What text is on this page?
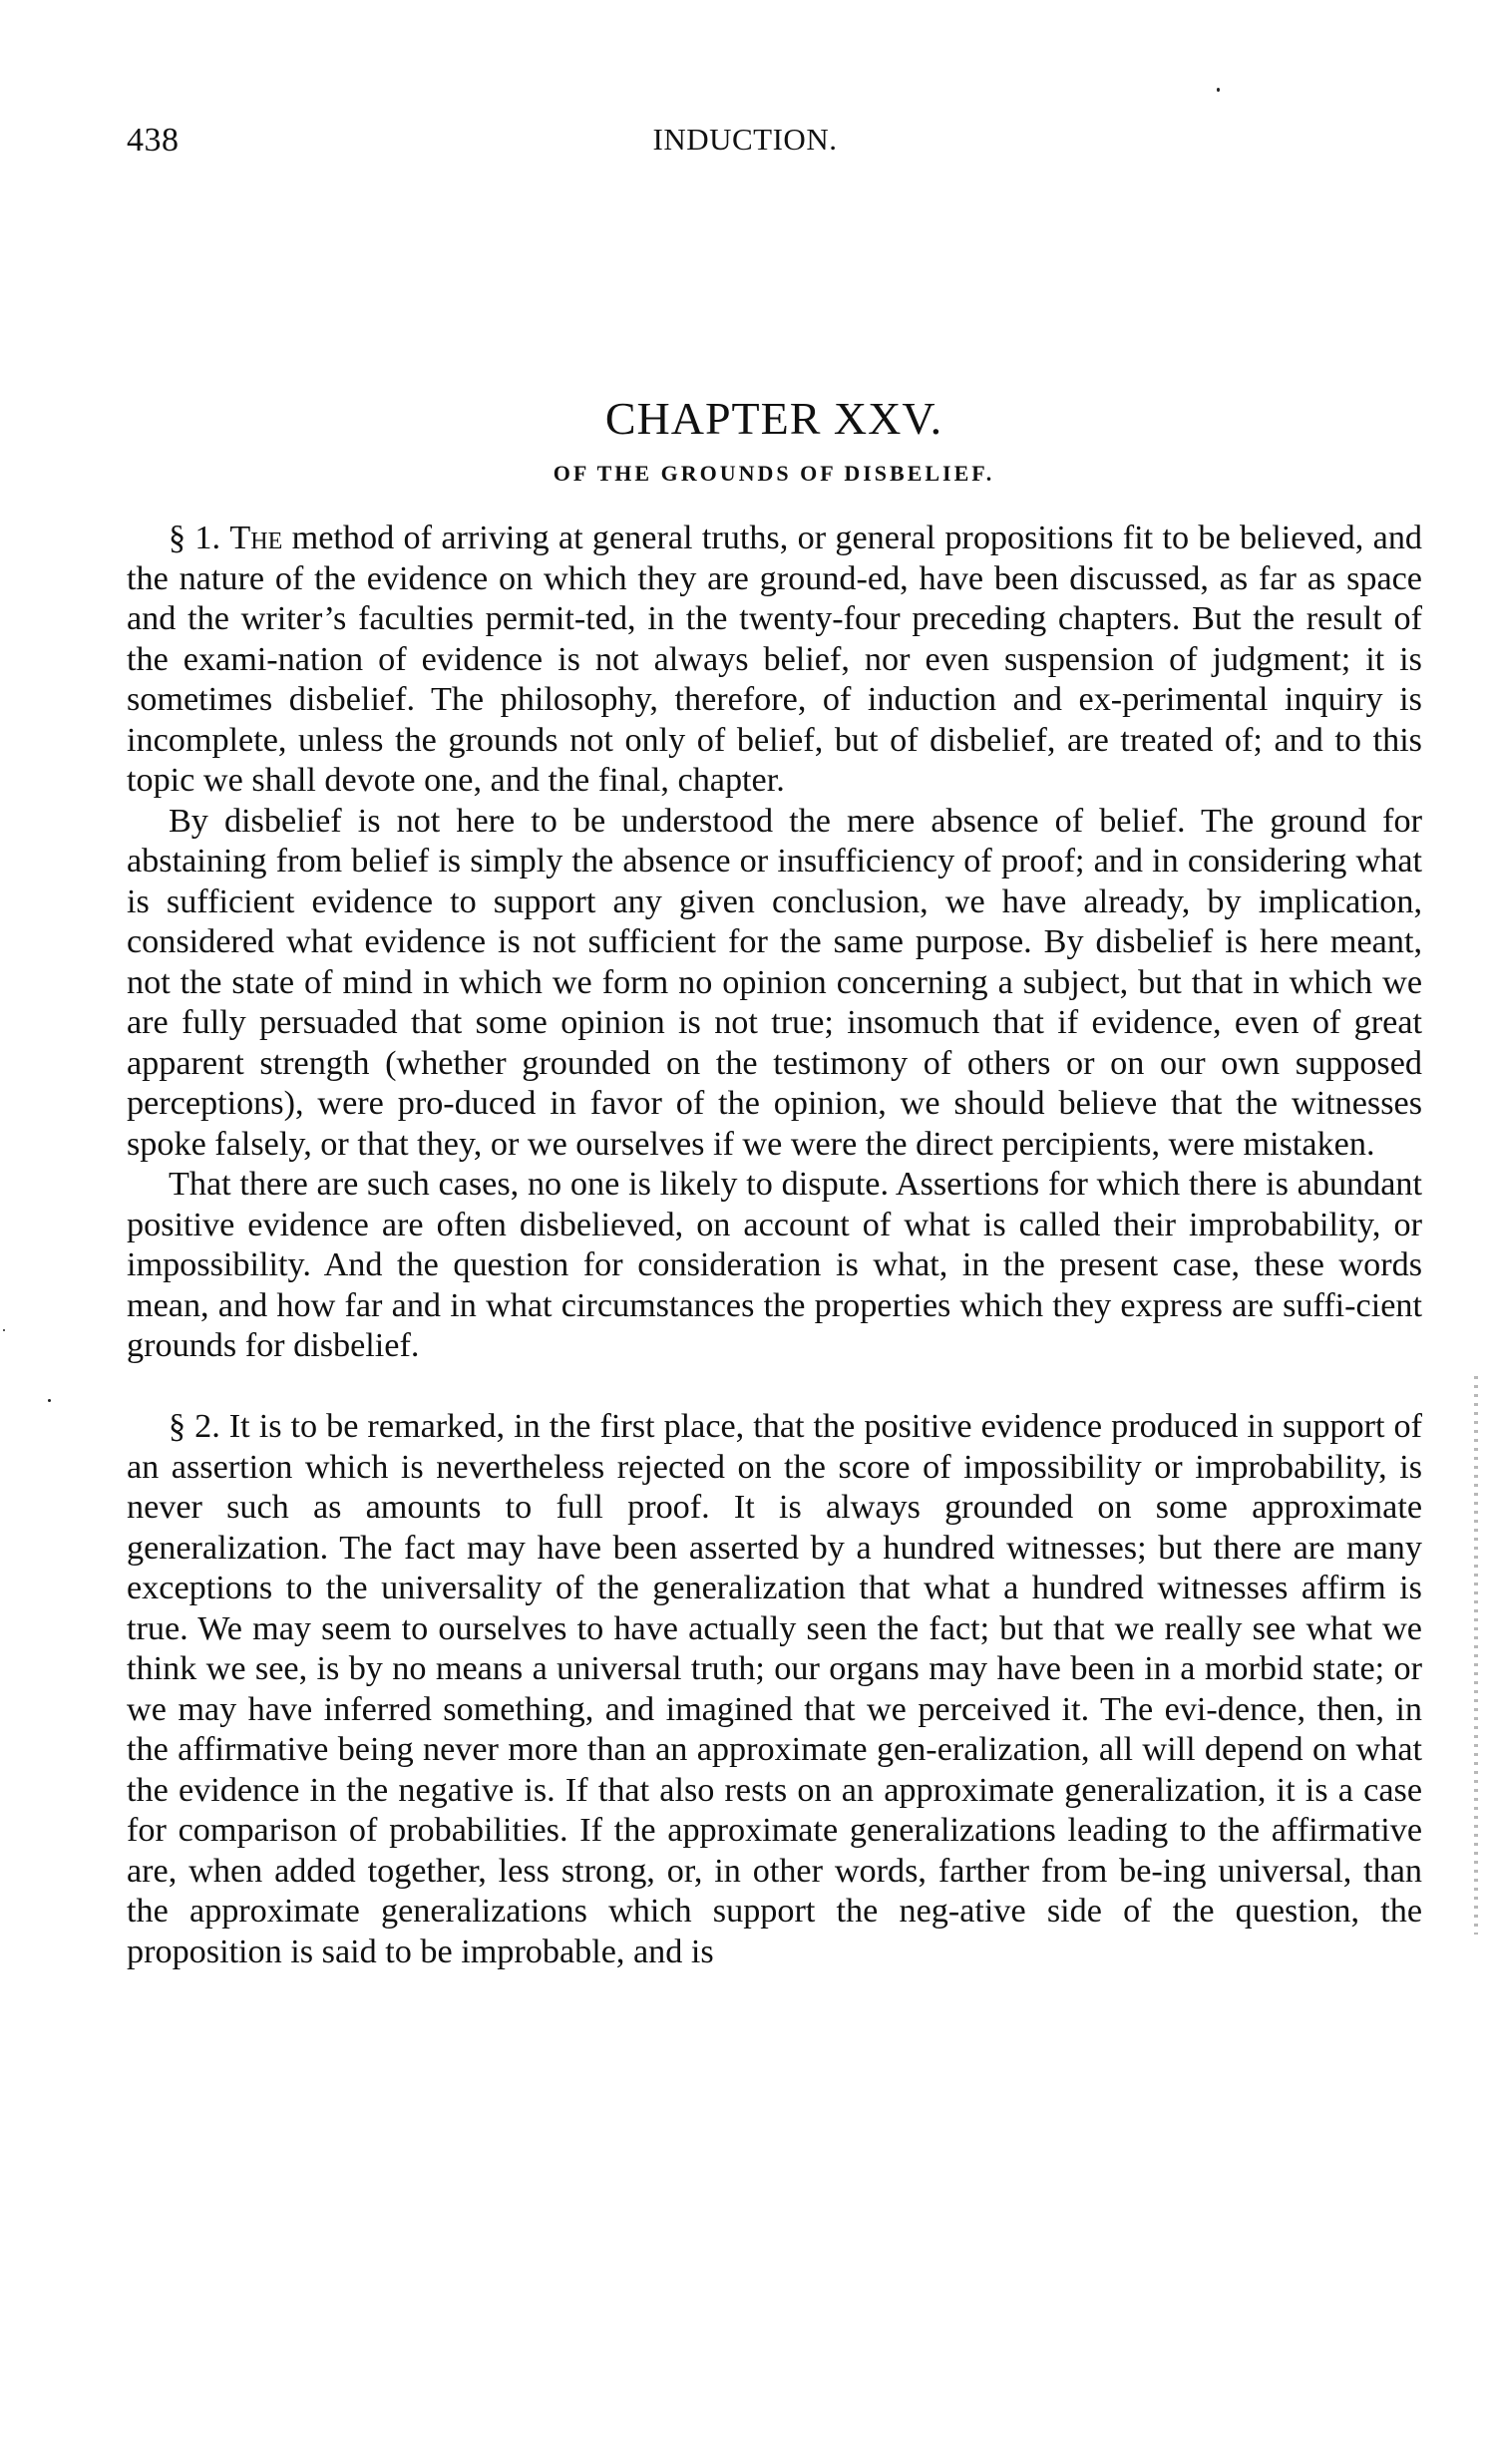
438	INDUCTION.
CHAPTER XXV.
OF THE GROUNDS OF DISBELIEF.

§ 1. The method of arriving at general truths, or general propositions fit to be believed, and the nature of the evidence on which they are ground-ed, have been discussed, as far as space and the writer’s faculties permit-ted, in the twenty-four preceding chapters. But the result of the exami-nation of evidence is not always belief, nor even suspension of judgment; it is sometimes disbelief. The philosophy, therefore, of induction and ex-perimental inquiry is incomplete, unless the grounds not only of belief, but of disbelief, are treated of; and to this topic we shall devote one, and the final, chapter.

By disbelief is not here to be understood the mere absence of belief. The ground for abstaining from belief is simply the absence or insufficiency of proof; and in considering what is sufficient evidence to support any given conclusion, we have already, by implication, considered what evidence is not sufficient for the same purpose. By disbelief is here meant, not the state of mind in which we form no opinion concerning a subject, but that in which we are fully persuaded that some opinion is not true; insomuch that if evidence, even of great apparent strength (whether grounded on the testimony of others or on our own supposed perceptions), were pro-duced in favor of the opinion, we should believe that the witnesses spoke falsely, or that they, or we ourselves if we were the direct percipients, were mistaken.

That there are such cases, no one is likely to dispute. Assertions for which there is abundant positive evidence are often disbelieved, on account of what is called their improbability, or impossibility. And the question for consideration is what, in the present case, these words mean, and how far and in what circumstances the properties which they express are suffi-cient grounds for disbelief.

§ 2. It is to be remarked, in the first place, that the positive evidence produced in support of an assertion which is nevertheless rejected on the score of impossibility or improbability, is never such as amounts to full proof. It is always grounded on some approximate generalization. The fact may have been asserted by a hundred witnesses; but there are many exceptions to the universality of the generalization that what a hundred witnesses affirm is true. We may seem to ourselves to have actually seen the fact; but that we really see what we think we see, is by no means a universal truth; our organs may have been in a morbid state; or we may have inferred something, and imagined that we perceived it. The evi-dence, then, in the affirmative being never more than an approximate gen-eralization, all will depend on what the evidence in the negative is. If that also rests on an approximate generalization, it is a case for comparison of probabilities. If the approximate generalizations leading to the affirmative are, when added together, less strong, or, in other words, farther from be-ing universal, than the approximate generalizations which support the neg-ative side of the question, the proposition is said to be improbable, and is
